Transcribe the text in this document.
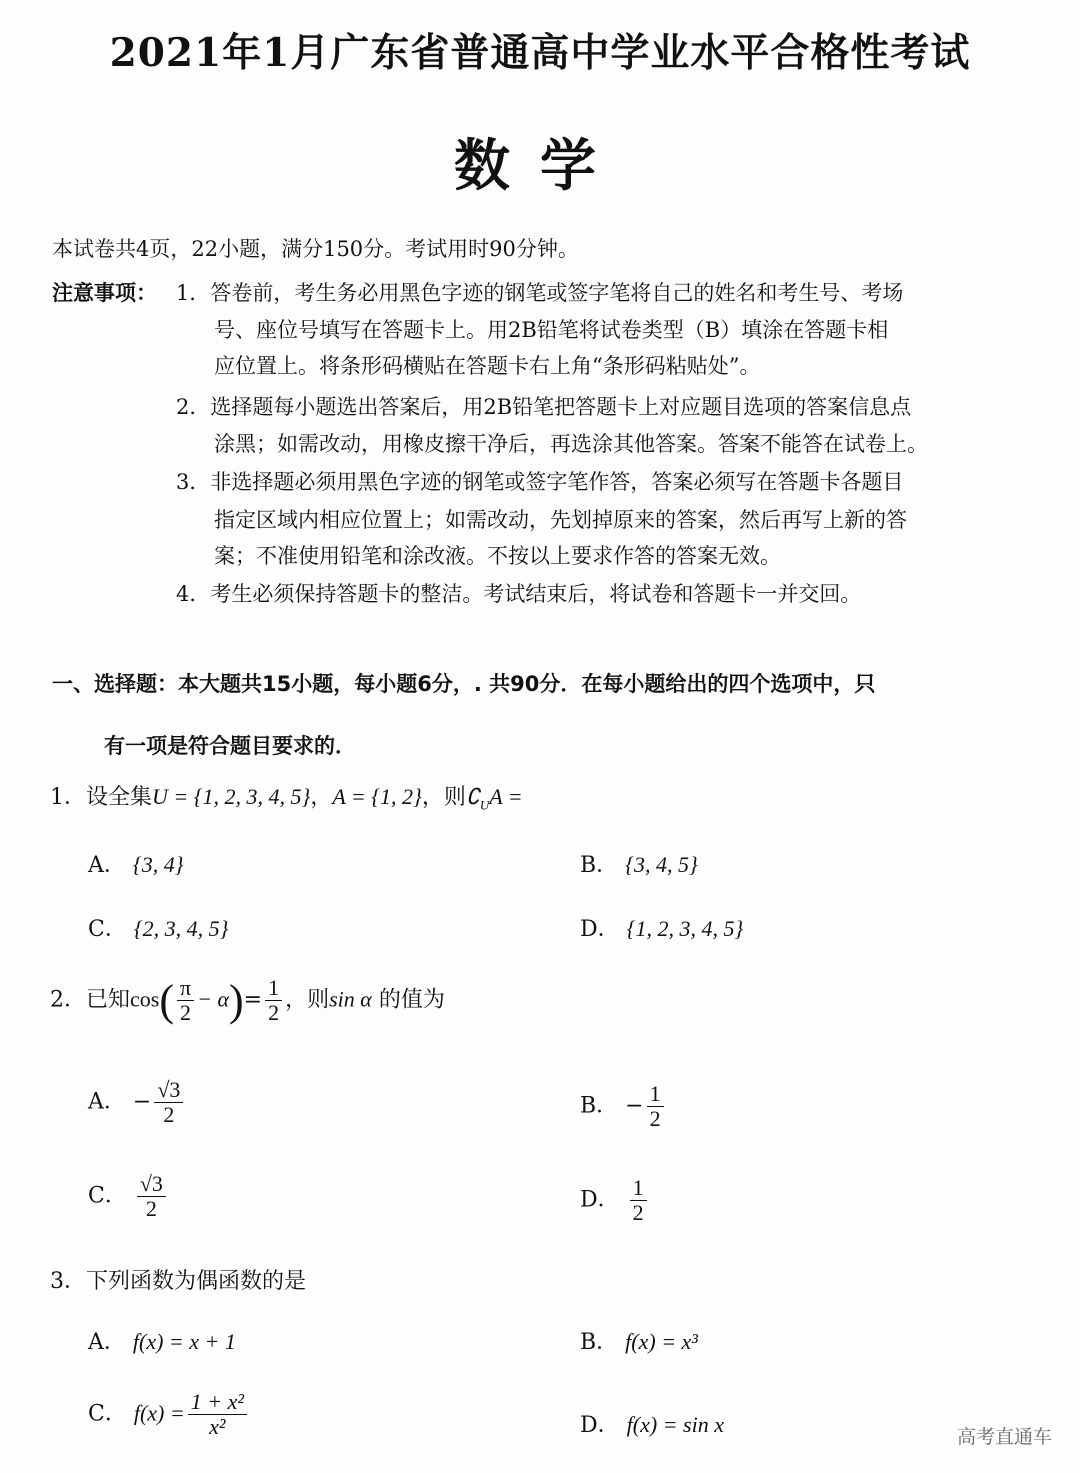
2021年1月广东省普通高中学业水平合格性考试
数学
本试卷共4页，22小题，满分150分。考试用时90分钟。
注意事项： 1．答卷前，考生务必用黑色字迹的钢笔或签字笔将自己的姓名和考生号、考场
号、座位号填写在答题卡上。用2B铅笔将试卷类型（B）填涂在答题卡相
应位置上。将条形码横贴在答题卡右上角“条形码粘贴处”。
2．选择题每小题选出答案后，用2B铅笔把答题卡上对应题目选项的答案信息点
涂黑；如需改动，用橡皮擦干净后，再选涂其他答案。答案不能答在试卷上。
3．非选择题必须用黑色字迹的钢笔或签字笔作答，答案必须写在答题卡各题目
指定区域内相应位置上；如需改动，先划掉原来的答案，然后再写上新的答
案；不准使用铅笔和涂改液。不按以上要求作答的答案无效。
4．考生必须保持答题卡的整洁。考试结束后，将试卷和答题卡一并交回。
一、选择题：本大题共15小题，每小题6分，. 共90分．在每小题给出的四个选项中，只
有一项是符合题目要求的．
1．设全集U = {1, 2, 3, 4, 5}，A = {1, 2}，则$∁_UA$ =
A． {3, 4}	B． {3, 4, 5}
C． {2, 3, 4, 5}	D． {1, 2, 3, 4, 5}
2．已知$\cos( \frac{\pi}{2} - \alpha)= \frac{1}{2}$ ，则sin α 的值为
A． − $\frac{√3}{2}$	B． − $\frac{1}{2}$
C． $\frac{√3}{2}$	D． $\frac{1}{2}$
3．下列函数为偶函数的是
A． f(x) = x + 1	B． f(x) = x³
C． $f(x) = \frac{\text{1 + x²}}{\text{x²}}$	D． f(x) = sin x	高考直通车
